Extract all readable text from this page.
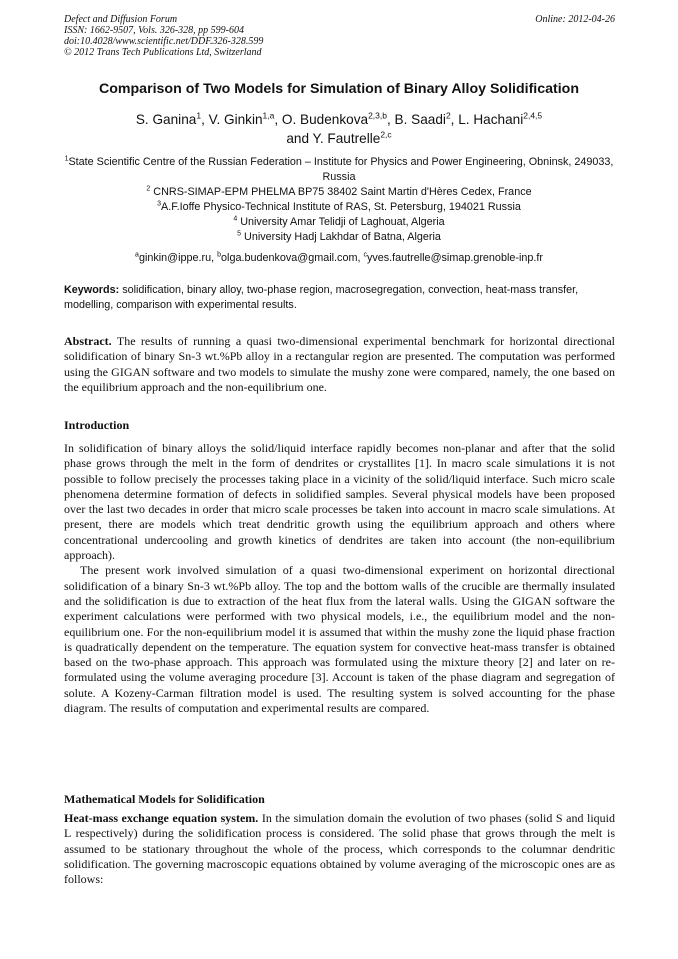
Defect and Diffusion Forum
ISSN: 1662-9507, Vols. 326-328, pp 599-604
doi:10.4028/www.scientific.net/DDF.326-328.599
© 2012 Trans Tech Publications Ltd, Switzerland
Online: 2012-04-26
Comparison of Two Models for Simulation of Binary Alloy Solidification
S. Ganina$^1$, V. Ginkin$^{1,a}$, O. Budenkova$^{2,3,b}$, B. Saadi$^2$, L. Hachani$^{2,4,5}$
and Y. Fautrelle$^{2,c}$
$^1$State Scientific Centre of the Russian Federation – Institute for Physics and Power Engineering, Obninsk, 249033, Russia
$^2$ CNRS-SIMAP-EPM PHELMA BP75 38402 Saint Martin d'Hères Cedex, France
$^3$A.F.Ioffe Physico-Technical Institute of RAS, St. Petersburg, 194021 Russia
$^4$ University Amar Telidji of Laghouat, Algeria
$^5$ University Hadj Lakhdar of Batna, Algeria
$^a$ginkin@ippe.ru, $^b$olga.budenkova@gmail.com, $^c$yves.fautrelle@simap.grenoble-inp.fr
Keywords: solidification, binary alloy, two-phase region, macrosegregation, convection, heat-mass transfer, modelling, comparison with experimental results.

Abstract. The results of running a quasi two-dimensional experimental benchmark for horizontal directional solidification of binary Sn-3 wt.%Pb alloy in a rectangular region are presented. The computation was performed using the GIGAN software and two models to simulate the mushy zone were compared, namely, the one based on the equilibrium approach and the non-equilibrium one.

Introduction

In solidification of binary alloys the solid/liquid interface rapidly becomes non-planar and after that the solid phase grows through the melt in the form of dendrites or crystallites [1]. In macro scale simulations it is not possible to follow precisely the processes taking place in a vicinity of the solid/liquid interface. Such micro scale phenomena determine formation of defects in solidified samples. Several physical models have been proposed over the last two decades in order that micro scale processes be taken into account in macro scale simulations. At present, there are models which treat dendritic growth using the equilibrium approach and others where concentrational undercooling and growth kinetics of dendrites are taken into account (the non-equilibrium approach).

The present work involved simulation of a quasi two-dimensional experiment on horizontal directional solidification of a binary Sn-3 wt.%Pb alloy. The top and the bottom walls of the crucible are thermally insulated and the solidification is due to extraction of the heat flux from the lateral walls. Using the GIGAN software the experiment calculations were performed with two physical models, i.e., the equilibrium model and the non-equilibrium one. For the non-equilibrium model it is assumed that within the mushy zone the liquid phase fraction is quadratically dependent on the temperature. The equation system for convective heat-mass transfer is obtained based on the two-phase approach. This approach was formulated using the mixture theory [2] and later on re-formulated using the volume averaging procedure [3]. Account is taken of the phase diagram and segregation of solute. A Kozeny-Carman filtration model is used. The resulting system is solved accounting for the phase diagram. The results of computation and experimental results are compared.

Mathematical Models for Solidification

Heat-mass exchange equation system. In the simulation domain the evolution of two phases (solid S and liquid L respectively) during the solidification process is considered. The solid phase that grows through the melt is assumed to be stationary throughout the whole of the process, which corresponds to the columnar dendritic solidification. The governing macroscopic equations obtained by volume averaging of the microscopic ones are as follows:
